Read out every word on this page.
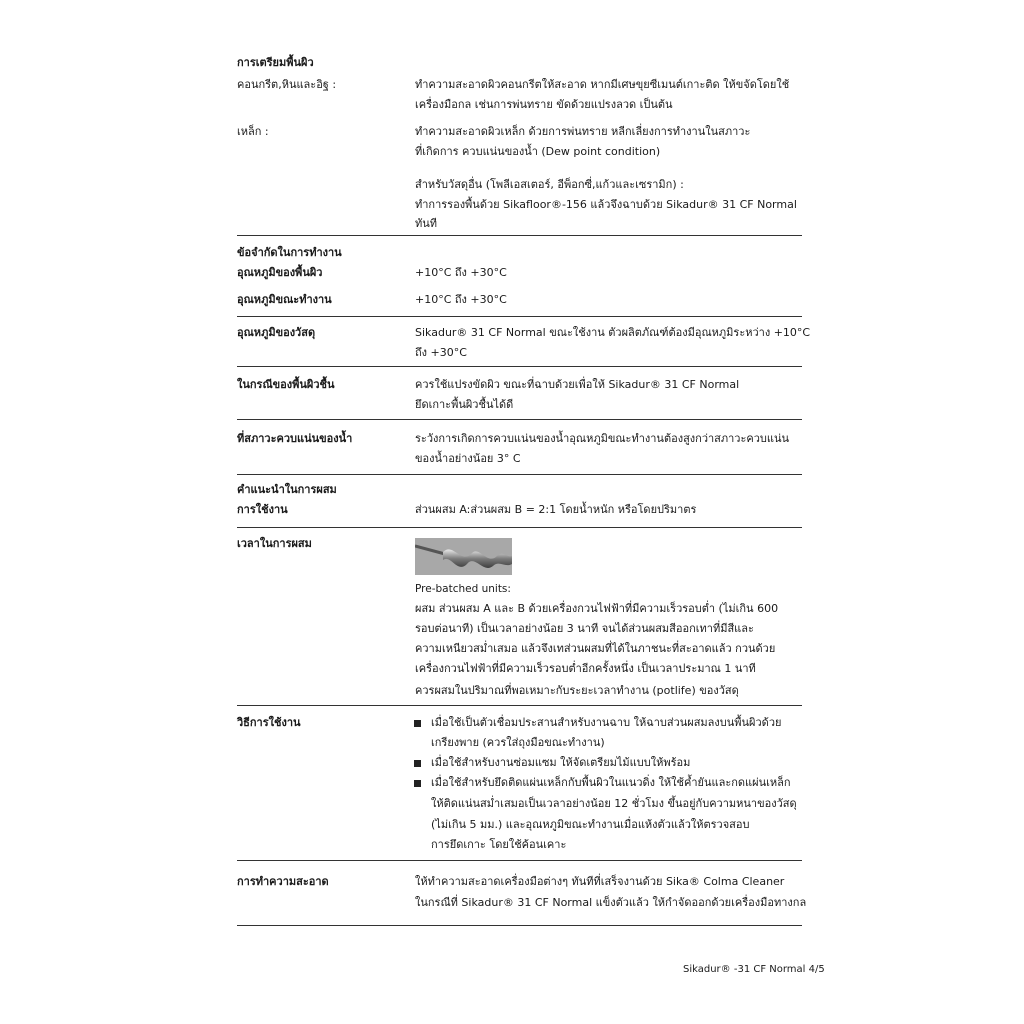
การเตรียมพื้นผิว
คอนกรีต,หินและอิฐ :	ทำความสะอาดผิวคอนกรีตให้สะอาด หากมีเศษขุยซีเมนต์เกาะติด ให้ขจัดโดยใช้
เครื่องมือกล เช่นการพ่นทราย ขัดด้วยแปรงลวด เป็นต้น
เหล็ก :	ทำความสะอาดผิวเหล็ก ด้วยการพ่นทราย หลีกเลี่ยงการทำงานในสภาวะ
ที่เกิดการ ควบแน่นของน้ำ (Dew point condition)
สำหรับวัสดุอื่น (โพลีเอสเตอร์, อีพ็อกซี่,แก้วและเซรามิก) :
ทำการรองพื้นด้วย Sikafloor®-156 แล้วจึงฉาบด้วย Sikadur® 31 CF Normal
ทันที
ข้อจำกัดในการทำงาน
อุณหภูมิของพื้นผิว	+10°C ถึง +30°C
อุณหภูมิขณะทำงาน	+10°C ถึง +30°C
อุณหภูมิของวัสดุ	Sikadur® 31 CF Normal ขณะใช้งาน ตัวผลิตภัณฑ์ต้องมีอุณหภูมิระหว่าง +10°C
ถึง +30°C
ในกรณีของพื้นผิวชื้น	ควรใช้แปรงขัดผิว ขณะที่ฉาบด้วยเพื่อให้ Sikadur® 31 CF Normal
ยึดเกาะพื้นผิวชื้นได้ดี
ที่สภาวะควบแน่นของน้ำ	ระวังการเกิดการควบแน่นของน้ำอุณหภูมิขณะทำงานต้องสูงกว่าสภาวะควบแน่น
ของน้ำอย่างน้อย 3° C
คำแนะนำในการผสม
การใช้งาน	ส่วนผสม A:ส่วนผสม B = 2:1 โดยน้ำหนัก หรือโดยปริมาตร
เวลาในการผสม
Pre-batched units:
ผสม ส่วนผสม A และ B ด้วยเครื่องกวนไฟฟ้าที่มีความเร็วรอบต่ำ (ไม่เกิน 600
รอบต่อนาที) เป็นเวลาอย่างน้อย 3 นาที จนได้ส่วนผสมสีออกเทาที่มีสีและ
ความเหนียวสม่ำเสมอ แล้วจึงเทส่วนผสมที่ได้ในภาชนะที่สะอาดแล้ว กวนด้วย
เครื่องกวนไฟฟ้าที่มีความเร็วรอบต่ำอีกครั้งหนึ่ง เป็นเวลาประมาณ 1 นาที
ควรผสมในปริมาณที่พอเหมาะกับระยะเวลาทำงาน (potlife) ของวัสดุ
วิธีการใช้งาน	เมื่อใช้เป็นตัวเชื่อมประสานสำหรับงานฉาบ ให้ฉาบส่วนผสมลงบนพื้นผิวด้วย
เกรียงพาย (ควรใส่ถุงมือขณะทำงาน)
เมื่อใช้สำหรับงานซ่อมแซม ให้จัดเตรียมไม้แบบให้พร้อม
เมื่อใช้สำหรับยึดติดแผ่นเหล็กกับพื้นผิวในแนวดิ่ง ให้ใช้ค้ำยันและกดแผ่นเหล็ก
ให้ติดแน่นสม่ำเสมอเป็นเวลาอย่างน้อย 12 ชั่วโมง ขึ้นอยู่กับความหนาของวัสดุ
(ไม่เกิน 5 มม.) และอุณหภูมิขณะทำงานเมื่อแห้งตัวแล้วให้ตรวจสอบ
การยึดเกาะ โดยใช้ค้อนเคาะ
การทำความสะอาด	ให้ทำความสะอาดเครื่องมือต่างๆ ทันทีที่เสร็จงานด้วย Sika® Colma Cleaner
ในกรณีที่ Sikadur® 31 CF Normal แข็งตัวแล้ว ให้กำจัดออกด้วยเครื่องมือทางกล
Sikadur® -31 CF Normal 4/5
